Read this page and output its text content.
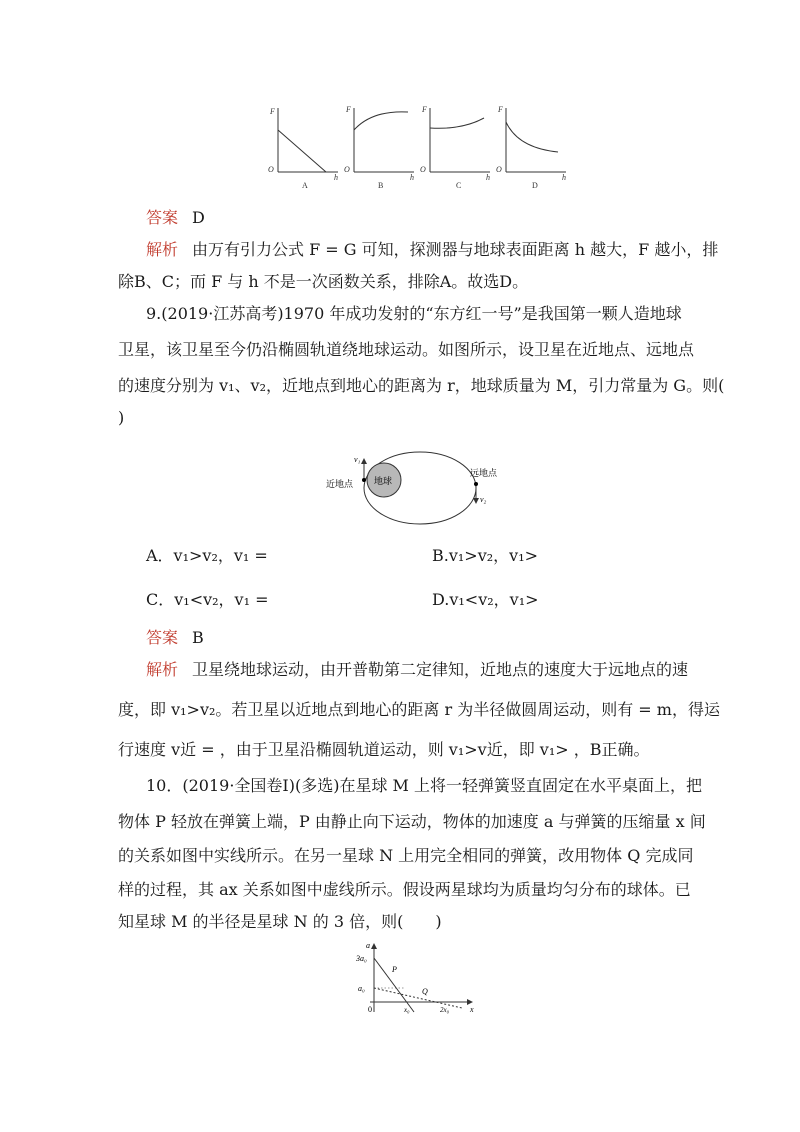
F
O
h
F
O
h
F
O
h
F
O
h
A	B	C	D
答案 D
解析 由万有引力公式 F = G 可知，探测器与地球表面距离 h 越大，F 越小，排
除B、C；而 F 与 h 不是一次函数关系，排除A。故选D。
9.(2019·江苏高考)1970 年成功发射的“东方红一号”是我国第一颗人造地球
卫星，该卫星至今仍沿椭圆轨道绕地球运动。如图所示，设卫星在近地点、远地点
的速度分别为 v₁、v₂，近地点到地心的距离为 r，地球质量为 M，引力常量为 G。则(
)
地球
近地点
远地点
v₁
v₂
A．v₁>v₂，v₁ =	B.v₁>v₂，v₁>
C．v₁<v₂，v₁ =	D.v₁<v₂，v₁>
答案 B
解析 卫星绕地球运动，由开普勒第二定律知，近地点的速度大于远地点的速
度，即 v₁>v₂。若卫星以近地点到地心的距离 r 为半径做圆周运动，则有 = m，得运
行速度 v近 = ，由于卫星沿椭圆轨道运动，则 v₁>v近，即 v₁> ，B正确。
10．(2019·全国卷Ⅰ)(多选)在星球 M 上将一轻弹簧竖直固定在水平桌面上，把
物体 P 轻放在弹簧上端，P 由静止向下运动，物体的加速度 a 与弹簧的压缩量 x 间
的关系如图中实线所示。在另一星球 N 上用完全相同的弹簧，改用物体 Q 完成同
样的过程，其 ax 关系如图中虚线所示。假设两星球均为质量均匀分布的球体。已
知星球 M 的半径是星球 N 的 3 倍，则(　　)
a
x
3a₀
a₀
0	x₀	2x₀
P
Q
